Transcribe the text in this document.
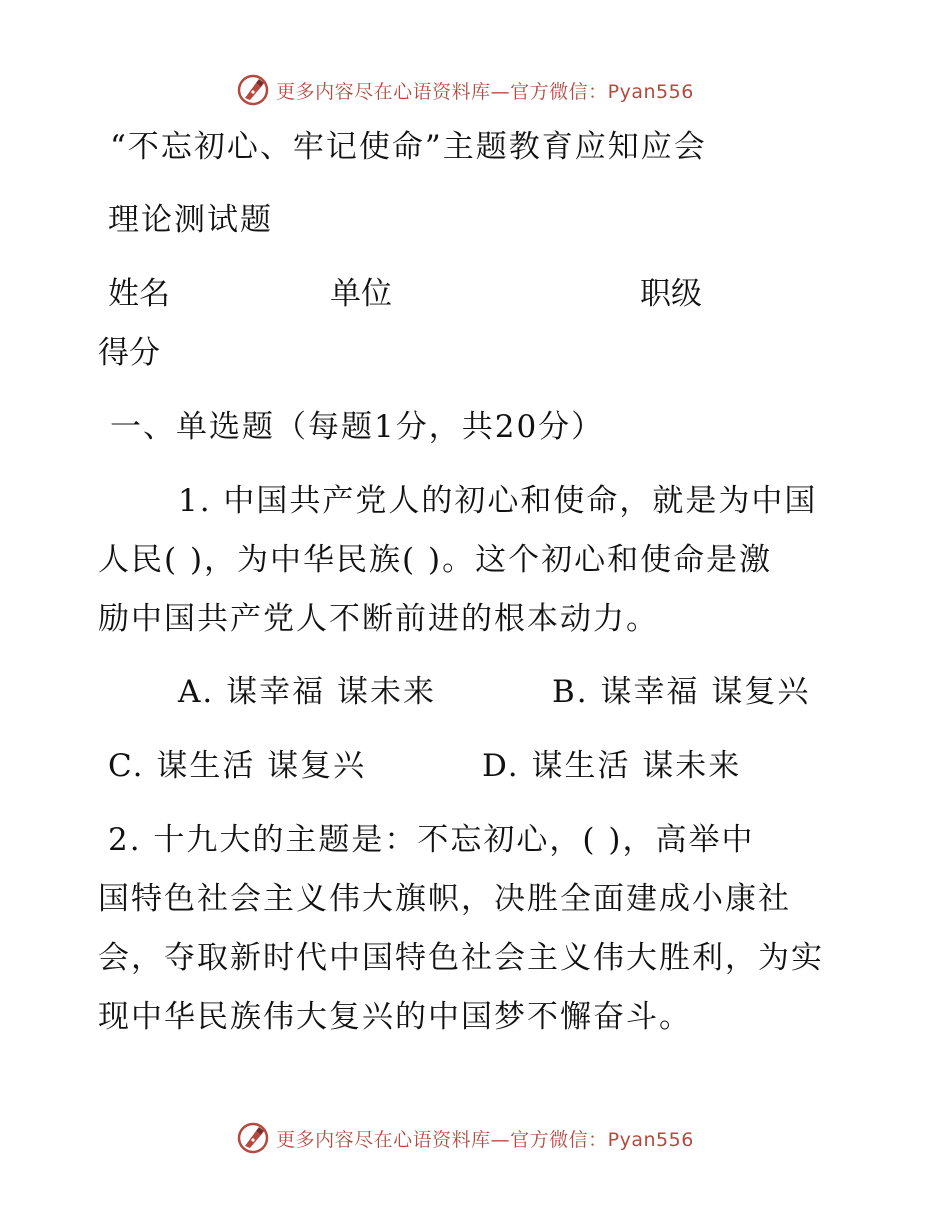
更多内容尽在心语资料库—官方微信：Pyan556
“不忘初心、牢记使命”主题教育应知应会
理论测试题
姓名	单位	职级
得分
一、单选题（每题1分，共20分）
1. 中国共产党人的初心和使命，就是为中国
人民( )，为中华民族( )。这个初心和使命是激
励中国共产党人不断前进的根本动力。
A. 谋幸福 谋未来	B. 谋幸福 谋复兴
C. 谋生活 谋复兴	D. 谋生活 谋未来
2. 十九大的主题是：不忘初心，( )，高举中
国特色社会主义伟大旗帜，决胜全面建成小康社
会，夺取新时代中国特色社会主义伟大胜利，为实
现中华民族伟大复兴的中国梦不懈奋斗。
更多内容尽在心语资料库—官方微信：Pyan556
